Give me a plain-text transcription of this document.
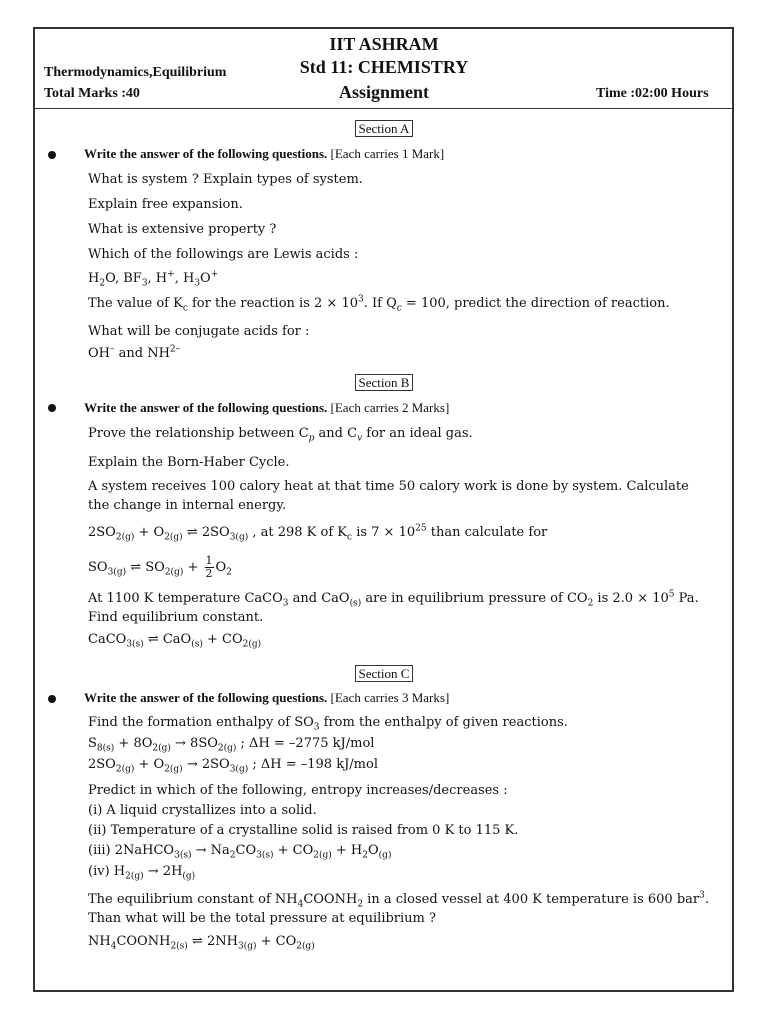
IIT ASHRAM
Std 11: CHEMISTRY
Assignment
Thermodynamics,Equilibrium
Total Marks :40	Time :02:00 Hours
Section A
Write the answer of the following questions. [Each carries 1 Mark]
What is system ? Explain types of system.
Explain free expansion.
What is extensive property ?
Which of the followings are Lewis acids :
$H_2O$, $BF_3$, H+, $H_3O^+$
The value of $K_c$ for the reaction is $2 \times 10^3$. If $Q_c = 100$, predict the direction of reaction.
What will be conjugate acids for :
OH– and $NH^{2-}$
Section B
Write the answer of the following questions. [Each carries 2 Marks]
Prove the relationship between $C_p$ and $C_v$ for an ideal gas.
Explain the Born-Haber Cycle.
A system receives 100 calory heat at that time 50 calory work is done by system. Calculate the change in internal energy.
$2SO_{2(g)} + O_{2(g)}$ ⇌ $2SO_{3(g)}$ , at 298 K of $K_c$ is $7 \times 10^{25}$ than calculate for
$SO_{3(g)}$ ⇌ $SO_{2(g)} + \frac{1}{2} O_2$
At 1100 K temperature CaCO$_3$ and CaO$_{(s)}$ are in equilibrium pressure of $CO_2$ is $2.0 \times 10^5$ Pa. Find equilibrium constant.
CaCO$_{3(s)}$ ⇌ $CaO_{(s)} + CO_{2(g)}$
Section C
Write the answer of the following questions. [Each carries 3 Marks]
Find the formation enthalpy of $SO_3$ from the enthalpy of given reactions.
$S_{8(s)} + 8O_{2(g)} \to 8SO_{2(g)}$ ; ΔH = –2775 kJ/mol
$2SO_{2(g)} + O_{2(g)} \to 2SO_{3(g)}$ ; ΔH = –198 kJ/mol
Predict in which of the following, entropy increases/decreases :
(i) A liquid crystallizes into a solid.
(ii) Temperature of a crystalline solid is raised from 0 K to 115 K.
(iii) 2NaHCO$_{3(s)}$ → $Na_2CO_{3(s)} + CO_{2(g)} + H_2O_{(g)}$
(iv) $H_{2(g)} \to 2H_{(g)}$
The equilibrium constant of $NH_4COONH_2$ in a closed vessel at 400 K temperature is 600 bar$^3$. Than what will be the total pressure at equilibrium ?
$NH_4COONH_{2(s)}$ ⇌ $2NH_{3(g)} + CO_{2(g)}$
